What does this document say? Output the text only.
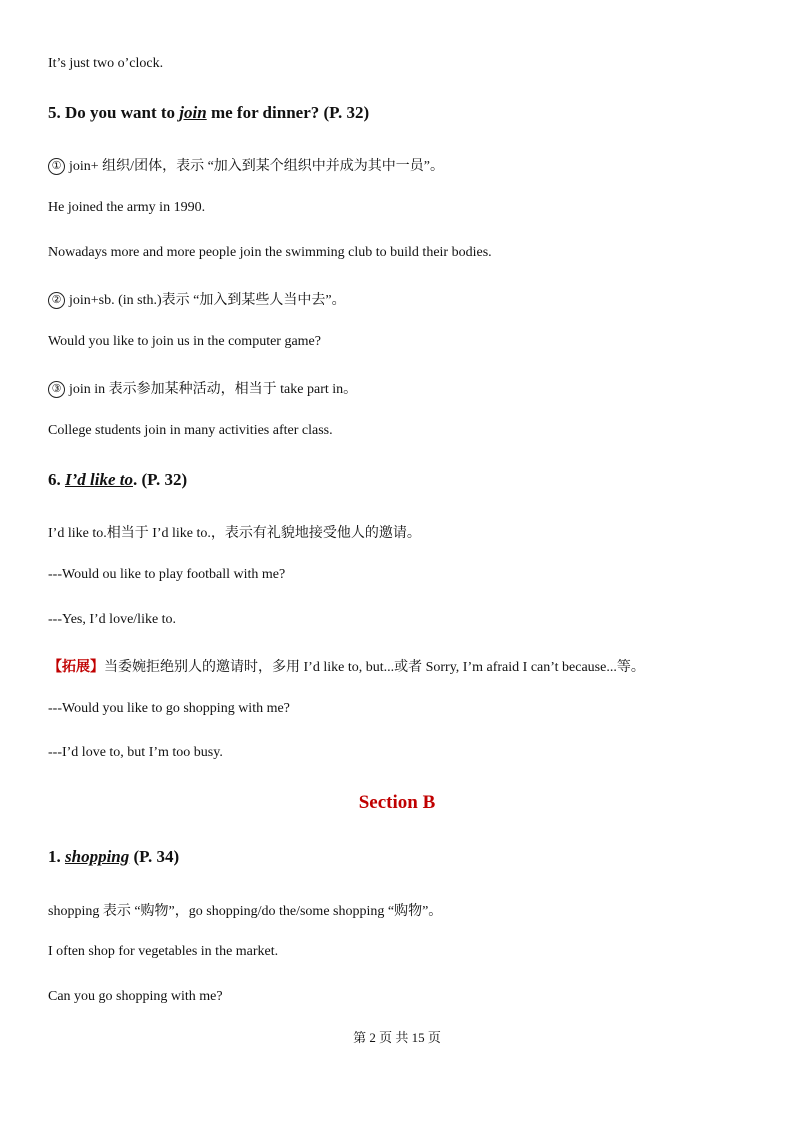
It’s just two o’clock.
5. Do you want to join me for dinner? (P. 32)
① join+ 组织/团体，表示 “加入到某个组织中并成为其中一员”。
He joined the army in 1990.
Nowadays more and more people join the swimming club to build their bodies.
② join+sb. (in sth.)表示 “加入到某些人当中去”。
Would you like to join us in the computer game?
③ join in 表示参加某种活动，相当于 take part in。
College students join in many activities after class.
6. I’d like to. (P. 32)
I’d like to.相当于 I’d like to.，表示有礼貌地接受他人的邀请。
---Would ou like to play football with me?
---Yes, I’d love/like to.
【拓展】当委婉拒绝别人的邀请时，多用 I’d like to, but...或者 Sorry, I’m afraid I can’t because...等。
---Would you like to go shopping with me?
---I’d love to, but I’m too busy.
Section B
1. shopping (P. 34)
shopping 表示 “购物”，go shopping/do the/some shopping “购物”。
I often shop for vegetables in the market.
Can you go shopping with me?
第 2 页 共 15 页
